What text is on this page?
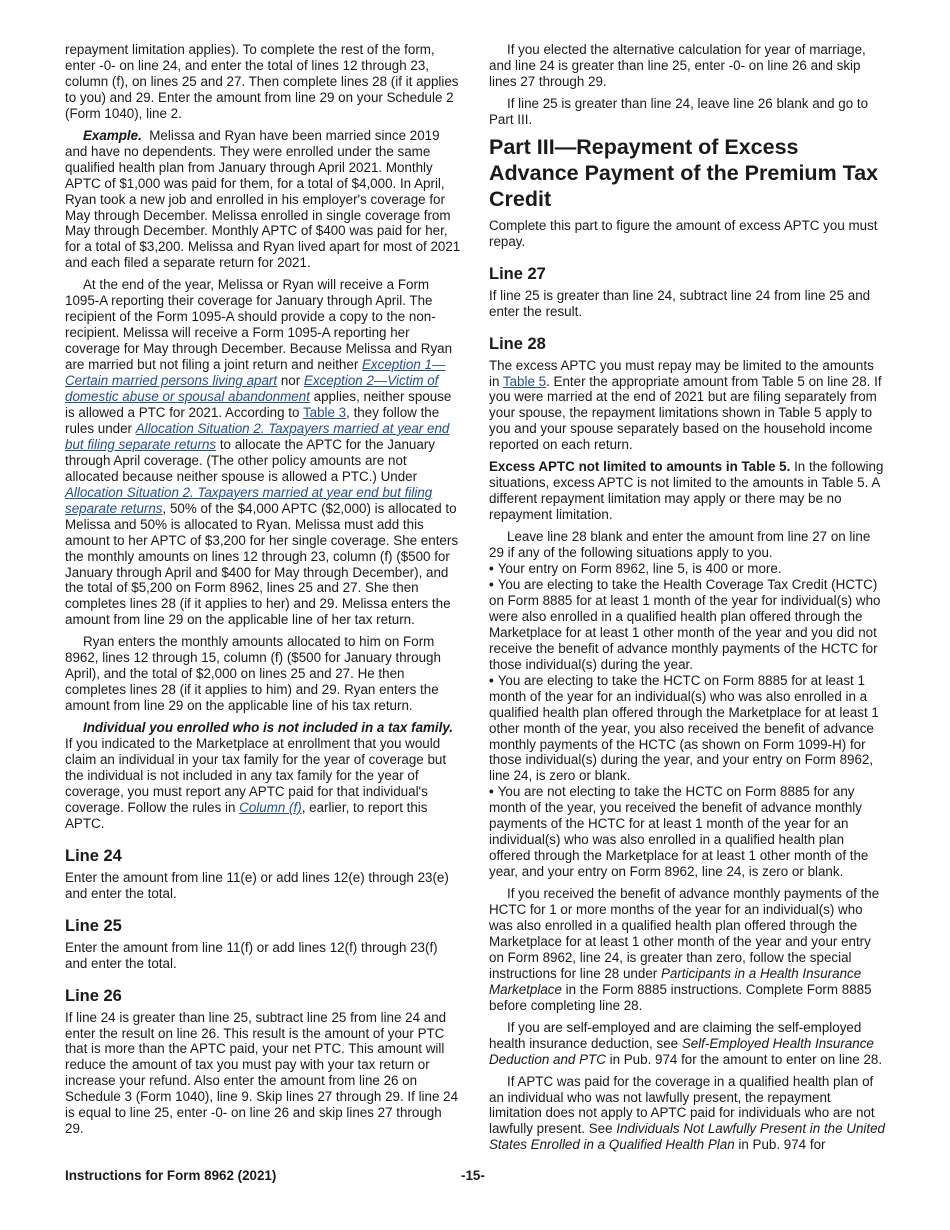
repayment limitation applies). To complete the rest of the form, enter -0- on line 24, and enter the total of lines 12 through 23, column (f), on lines 25 and 27. Then complete lines 28 (if it applies to you) and 29. Enter the amount from line 29 on your Schedule 2 (Form 1040), line 2.

Example. Melissa and Ryan have been married since 2019 and have no dependents. They were enrolled under the same qualified health plan from January through April 2021. Monthly APTC of $1,000 was paid for them, for a total of $4,000. In April, Ryan took a new job and enrolled in his employer's coverage for May through December. Melissa enrolled in single coverage from May through December. Monthly APTC of $400 was paid for her, for a total of $3,200. Melissa and Ryan lived apart for most of 2021 and each filed a separate return for 2021.

At the end of the year, Melissa or Ryan will receive a Form 1095-A reporting their coverage for January through April. The recipient of the Form 1095-A should provide a copy to the non-recipient. Melissa will receive a Form 1095-A reporting her coverage for May through December. Because Melissa and Ryan are married but not filing a joint return and neither Exception 1—Certain married persons living apart nor Exception 2—Victim of domestic abuse or spousal abandonment applies, neither spouse is allowed a PTC for 2021. According to Table 3, they follow the rules under Allocation Situation 2. Taxpayers married at year end but filing separate returns to allocate the APTC for the January through April coverage. (The other policy amounts are not allocated because neither spouse is allowed a PTC.) Under Allocation Situation 2. Taxpayers married at year end but filing separate returns, 50% of the $4,000 APTC ($2,000) is allocated to Melissa and 50% is allocated to Ryan. Melissa must add this amount to her APTC of $3,200 for her single coverage. She enters the monthly amounts on lines 12 through 23, column (f) ($500 for January through April and $400 for May through December), and the total of $5,200 on Form 8962, lines 25 and 27. She then completes lines 28 (if it applies to her) and 29. Melissa enters the amount from line 29 on the applicable line of her tax return.

Ryan enters the monthly amounts allocated to him on Form 8962, lines 12 through 15, column (f) ($500 for January through April), and the total of $2,000 on lines 25 and 27. He then completes lines 28 (if it applies to him) and 29. Ryan enters the amount from line 29 on the applicable line of his tax return.

Individual you enrolled who is not included in a tax family. If you indicated to the Marketplace at enrollment that you would claim an individual in your tax family for the year of coverage but the individual is not included in any tax family for the year of coverage, you must report any APTC paid for that individual's coverage. Follow the rules in Column (f), earlier, to report this APTC.

Line 24

Enter the amount from line 11(e) or add lines 12(e) through 23(e) and enter the total.

Line 25

Enter the amount from line 11(f) or add lines 12(f) through 23(f) and enter the total.

Line 26

If line 24 is greater than line 25, subtract line 25 from line 24 and enter the result on line 26. This result is the amount of your PTC that is more than the APTC paid, your net PTC. This amount will reduce the amount of tax you must pay with your tax return or increase your refund. Also enter the amount from line 26 on Schedule 3 (Form 1040), line 9. Skip lines 27 through 29. If line 24 is equal to line 25, enter -0- on line 26 and skip lines 27 through 29.

If you elected the alternative calculation for year of marriage, and line 24 is greater than line 25, enter -0- on line 26 and skip lines 27 through 29.

If line 25 is greater than line 24, leave line 26 blank and go to Part III.

Part III—Repayment of Excess Advance Payment of the Premium Tax Credit

Complete this part to figure the amount of excess APTC you must repay.

Line 27

If line 25 is greater than line 24, subtract line 24 from line 25 and enter the result.

Line 28

The excess APTC you must repay may be limited to the amounts in Table 5. Enter the appropriate amount from Table 5 on line 28. If you were married at the end of 2021 but are filing separately from your spouse, the repayment limitations shown in Table 5 apply to you and your spouse separately based on the household income reported on each return.

Excess APTC not limited to amounts in Table 5. In the following situations, excess APTC is not limited to the amounts in Table 5. A different repayment limitation may apply or there may be no repayment limitation.

Leave line 28 blank and enter the amount from line 27 on line 29 if any of the following situations apply to you.

• Your entry on Form 8962, line 5, is 400 or more.

• You are electing to take the Health Coverage Tax Credit (HCTC) on Form 8885 for at least 1 month of the year for individual(s) who were also enrolled in a qualified health plan offered through the Marketplace for at least 1 other month of the year and you did not receive the benefit of advance monthly payments of the HCTC for those individual(s) during the year.

• You are electing to take the HCTC on Form 8885 for at least 1 month of the year for an individual(s) who was also enrolled in a qualified health plan offered through the Marketplace for at least 1 other month of the year, you also received the benefit of advance monthly payments of the HCTC (as shown on Form 1099-H) for those individual(s) during the year, and your entry on Form 8962, line 24, is zero or blank.

• You are not electing to take the HCTC on Form 8885 for any month of the year, you received the benefit of advance monthly payments of the HCTC for at least 1 month of the year for an individual(s) who was also enrolled in a qualified health plan offered through the Marketplace for at least 1 other month of the year, and your entry on Form 8962, line 24, is zero or blank.

If you received the benefit of advance monthly payments of the HCTC for 1 or more months of the year for an individual(s) who was also enrolled in a qualified health plan offered through the Marketplace for at least 1 other month of the year and your entry on Form 8962, line 24, is greater than zero, follow the special instructions for line 28 under Participants in a Health Insurance Marketplace in the Form 8885 instructions. Complete Form 8885 before completing line 28.

If you are self-employed and are claiming the self-employed health insurance deduction, see Self-Employed Health Insurance Deduction and PTC in Pub. 974 for the amount to enter on line 28.

If APTC was paid for the coverage in a qualified health plan of an individual who was not lawfully present, the repayment limitation does not apply to APTC paid for individuals who are not lawfully present. See Individuals Not Lawfully Present in the United States Enrolled in a Qualified Health Plan in Pub. 974 for

Instructions for Form 8962 (2021)	-15-
